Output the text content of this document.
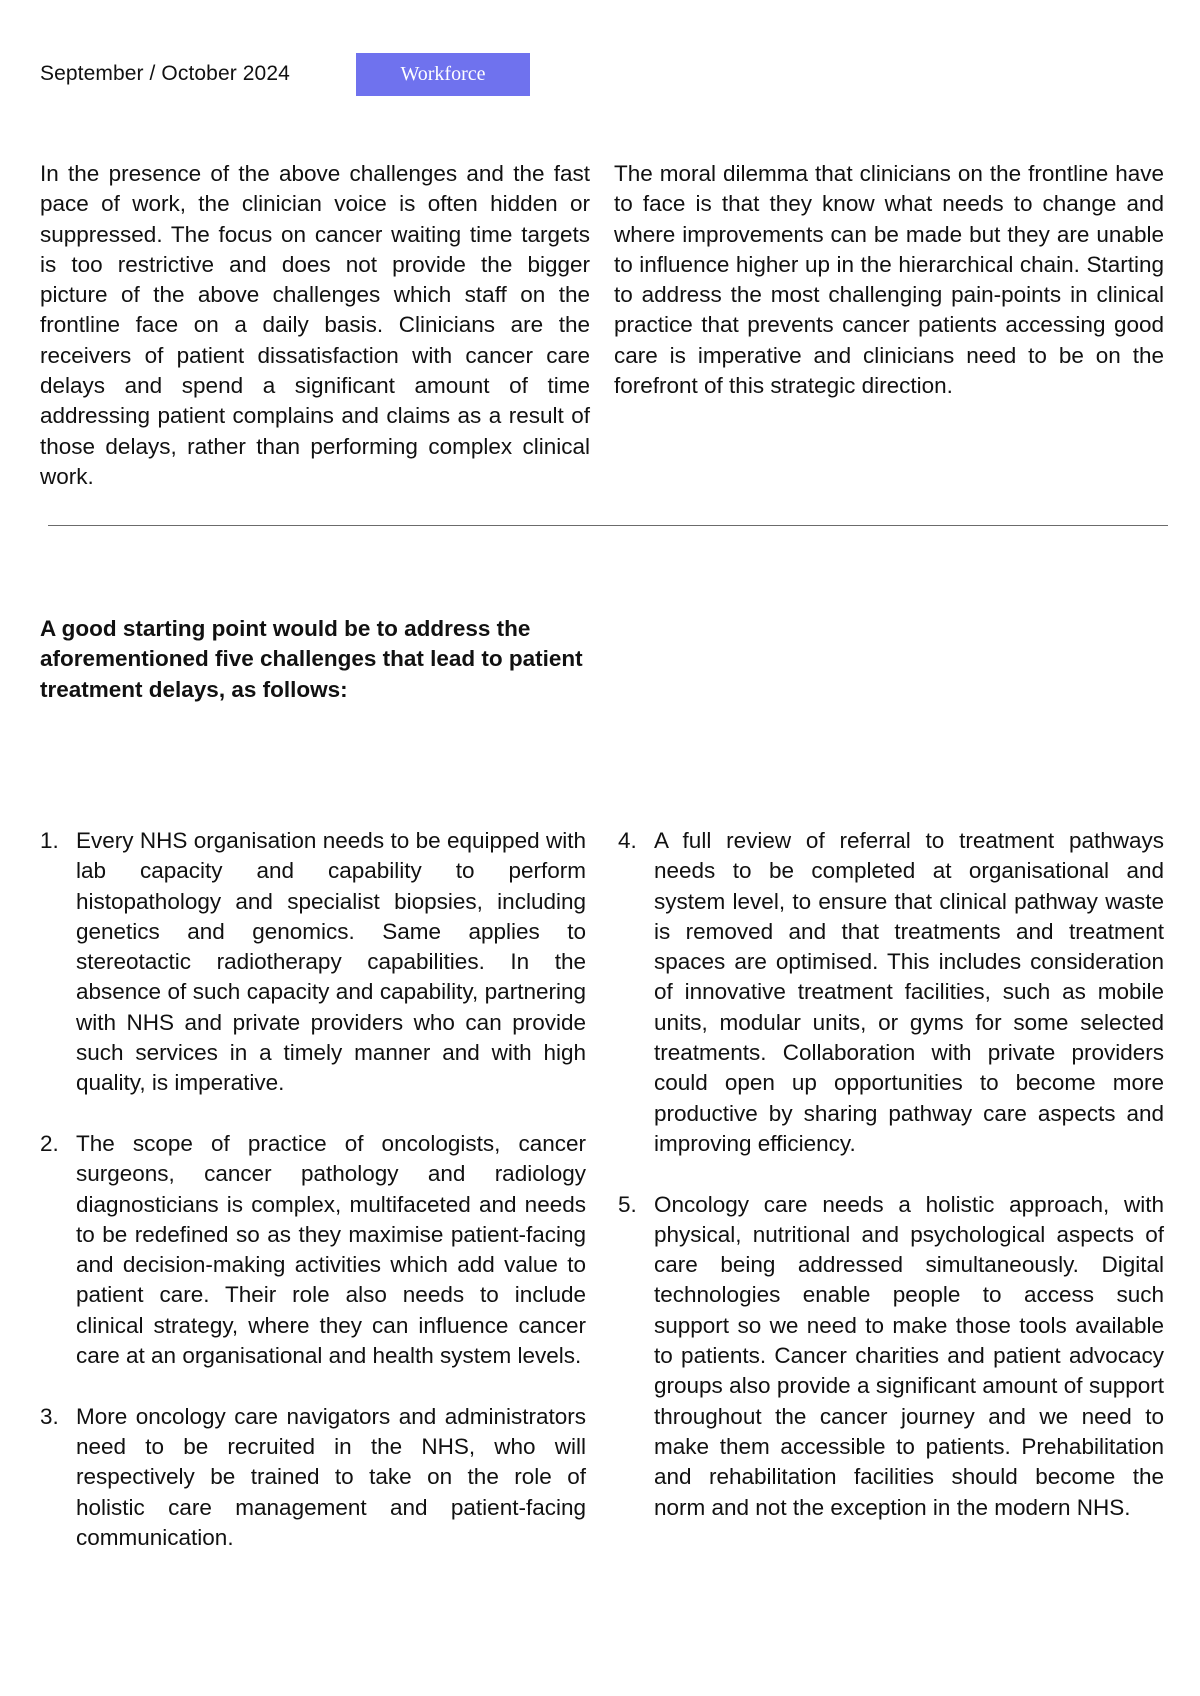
September / October 2024	Workforce

In the presence of the above challenges and the fast pace of work, the clinician voice is often hidden or suppressed. The focus on cancer waiting time targets is too restrictive and does not provide the bigger picture of the above challenges which staff on the frontline face on a daily basis. Clinicians are the receivers of patient dissatisfaction with cancer care delays and spend a significant amount of time addressing patient complains and claims as a result of those delays, rather than performing complex clinical work.

The moral dilemma that clinicians on the frontline have to face is that they know what needs to change and where improvements can be made but they are unable to influence higher up in the hierarchical chain. Starting to address the most challenging pain-points in clinical practice that prevents cancer patients accessing good care is imperative and clinicians need to be on the forefront of this strategic direction.

A good starting point would be to address the aforementioned five challenges that lead to patient treatment delays, as follows:
1. Every NHS organisation needs to be equipped with lab capacity and capability to perform histopathology and specialist biopsies, including genetics and genomics. Same applies to stereotactic radiotherapy capabilities. In the absence of such capacity and capability, partnering with NHS and private providers who can provide such services in a timely manner and with high quality, is imperative.
2. The scope of practice of oncologists, cancer surgeons, cancer pathology and radiology diagnosticians is complex, multifaceted and needs to be redefined so as they maximise patient-facing and decision-making activities which add value to patient care. Their role also needs to include clinical strategy, where they can influence cancer care at an organisational and health system levels.
3. More oncology care navigators and administrators need to be recruited in the NHS, who will respectively be trained to take on the role of holistic care management and patient-facing communication.
4. A full review of referral to treatment pathways needs to be completed at organisational and system level, to ensure that clinical pathway waste is removed and that treatments and treatment spaces are optimised. This includes consideration of innovative treatment facilities, such as mobile units, modular units, or gyms for some selected treatments. Collaboration with private providers could open up opportunities to become more productive by sharing pathway care aspects and improving efficiency.
5. Oncology care needs a holistic approach, with physical, nutritional and psychological aspects of care being addressed simultaneously. Digital technologies enable people to access such support so we need to make those tools available to patients. Cancer charities and patient advocacy groups also provide a significant amount of support throughout the cancer journey and we need to make them accessible to patients. Prehabilitation and rehabilitation facilities should become the norm and not the exception in the modern NHS.
